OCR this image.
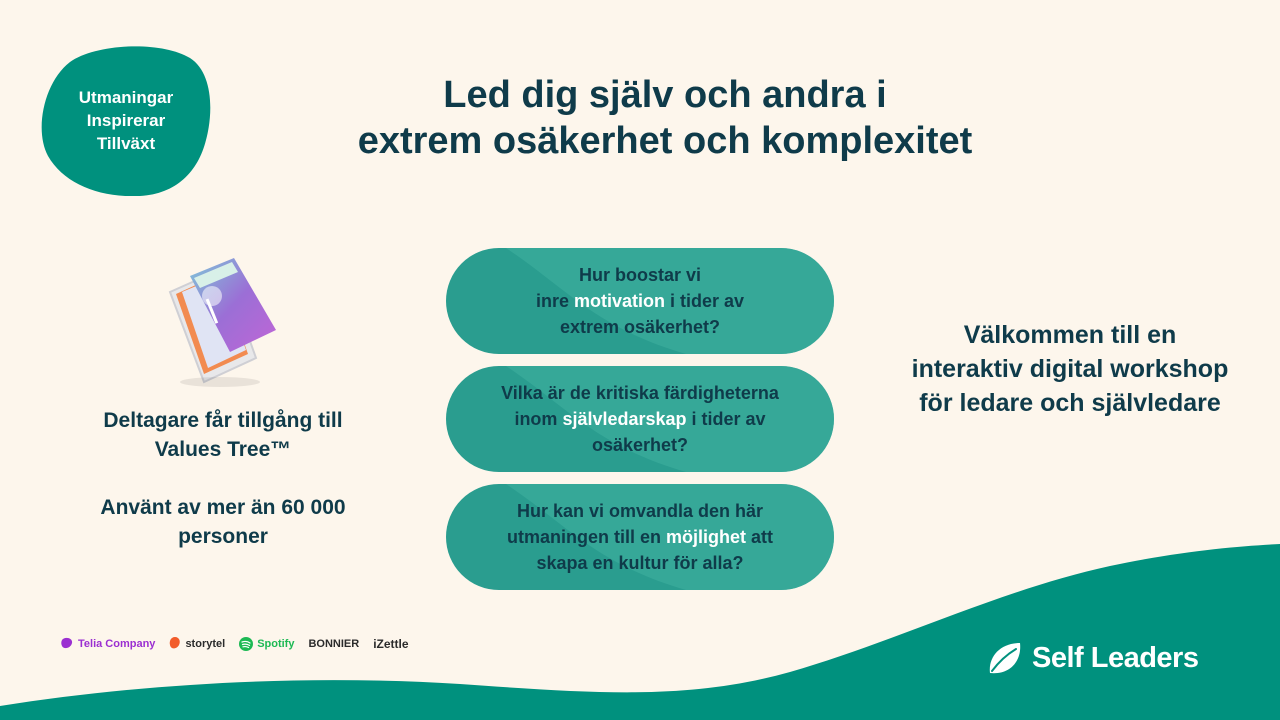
Utmaningar
Inspirerar
Tillväxt
Led dig själv och andra i
extrem osäkerhet och komplexitet
Deltagare får tillgång till
Values Tree™
Använt av mer än 60 000
personer
Hur boostar vi
inre motivation i tider av
extrem osäkerhet?
Vilka är de kritiska färdigheterna
inom självledarskap i tider av
osäkerhet?
Hur kan vi omvandla den här
utmaningen till en möjlighet att
skapa en kultur för alla?
Välkommen till en
interaktiv digital workshop
för ledare och självledare
Telia Company	storytel	Spotify BONNIER iZettle	Self Leaders
